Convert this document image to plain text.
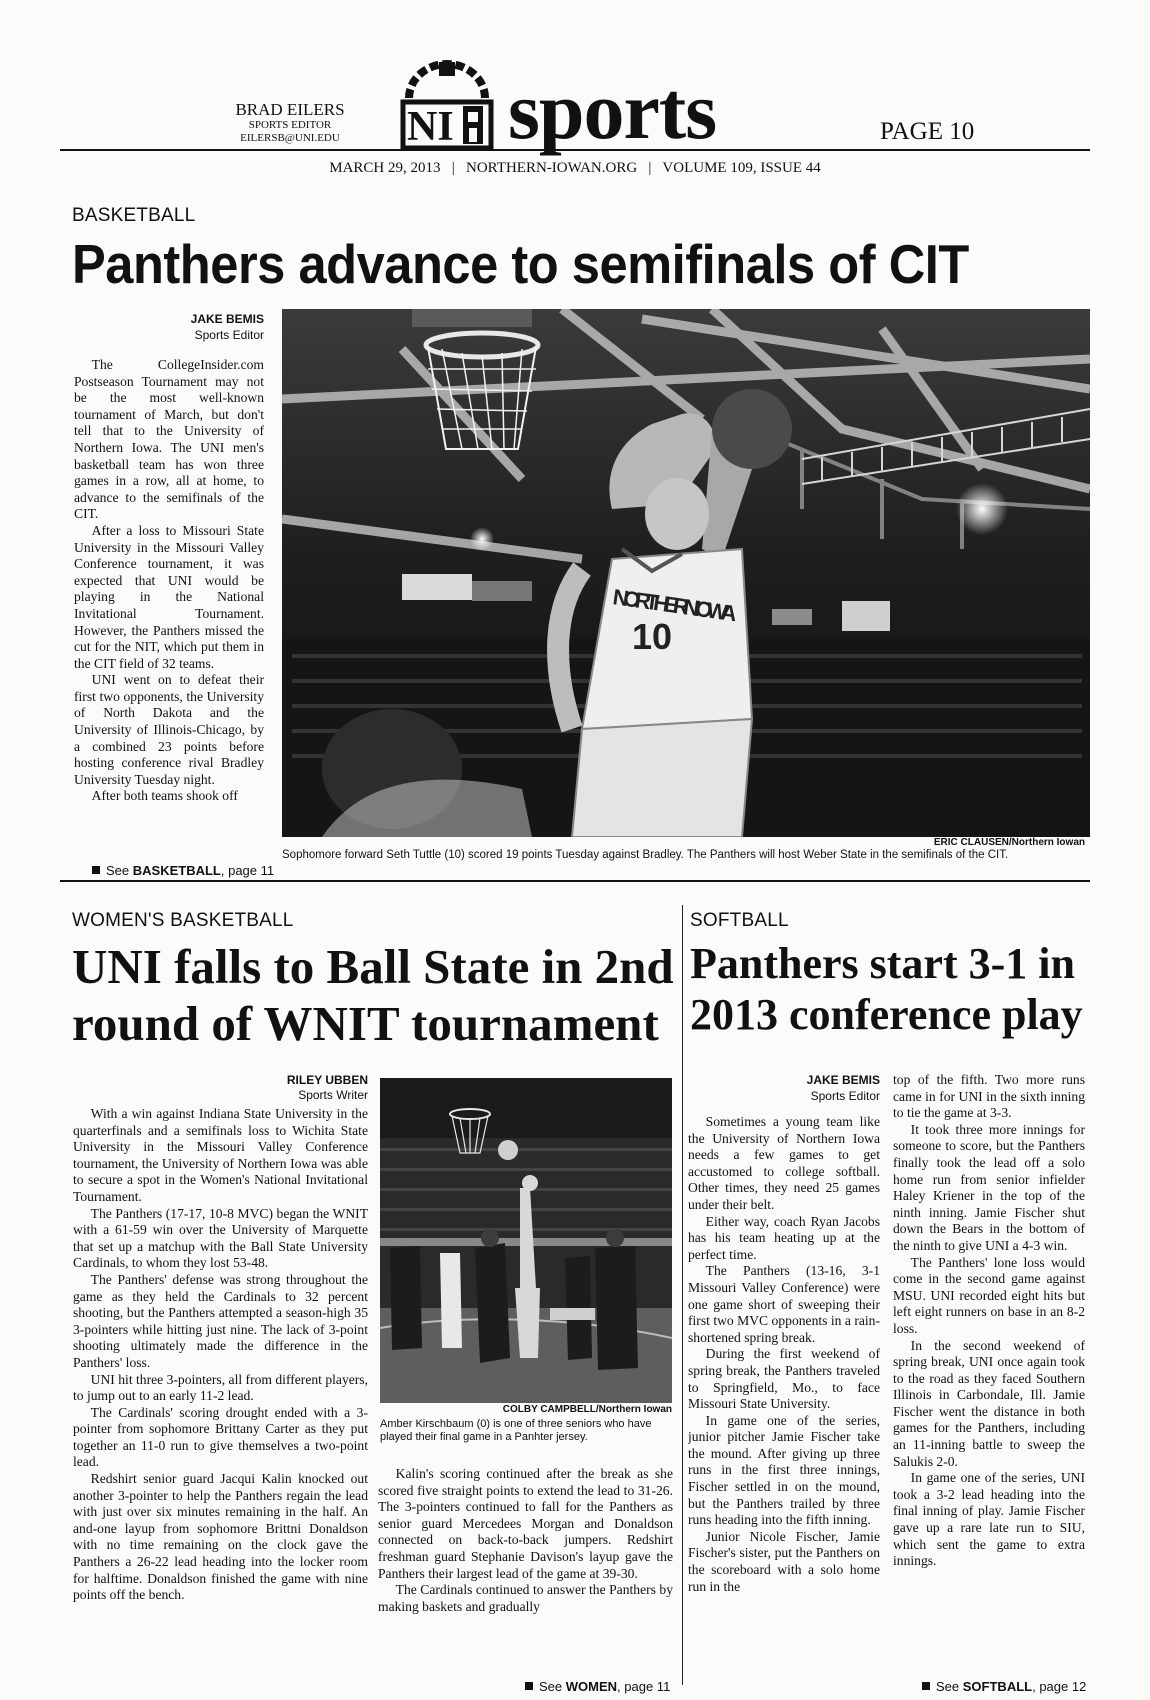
BRAD EILERS
SPORTS EDITOR
EILERSB@UNI.EDU	NI sports	PAGE 10
MARCH 29, 2013   |   NORTHERN-IOWAN.ORG   |   VOLUME 109, ISSUE 44
BASKETBALL
Panthers advance to semifinals of CIT
JAKE BEMIS
Sports Editor

The CollegeInsider.com Postseason Tournament may not be the most well-known tournament of March, but don't tell that to the University of Northern Iowa. The UNI men's basketball team has won three games in a row, all at home, to advance to the semifinals of the CIT.

After a loss to Missouri State University in the Missouri Valley Conference tournament, it was expected that UNI would be playing in the National Invitational Tournament. However, the Panthers missed the cut for the NIT, which put them in the CIT field of 32 teams.

UNI went on to defeat their first two opponents, the University of North Dakota and the University of Illinois-Chicago, by a combined 23 points before hosting conference rival Bradley University Tuesday night.

After both teams shook off

See BASKETBALL, page 11
NORTHERN IOWA
10
ERIC CLAUSEN/Northern Iowan
Sophomore forward Seth Tuttle (10) scored 19 points Tuesday against Bradley. The Panthers will host Weber State in the semifinals of the CIT.
WOMEN'S BASKETBALL
UNI falls to Ball State in 2nd round of WNIT tournament
RILEY UBBEN
Sports Writer

With a win against Indiana State University in the quarterfinals and a semifinals loss to Wichita State University in the Missouri Valley Conference tournament, the University of Northern Iowa was able to secure a spot in the Women's National Invitational Tournament.

The Panthers (17-17, 10-8 MVC) began the WNIT with a 61-59 win over the University of Marquette that set up a matchup with the Ball State University Cardinals, to whom they lost 53-48.

The Panthers' defense was strong throughout the game as they held the Cardinals to 32 percent shooting, but the Panthers attempted a season-high 35 3-pointers while hitting just nine. The lack of 3-point shooting ultimately made the difference in the Panthers' loss.

UNI hit three 3-pointers, all from different players, to jump out to an early 11-2 lead.

The Cardinals' scoring drought ended with a 3-pointer from sophomore Brittany Carter as they put together an 11-0 run to give themselves a two-point lead.

Redshirt senior guard Jacqui Kalin knocked out another 3-pointer to help the Panthers regain the lead with just over six minutes remaining in the half. An and-one layup from sophomore Brittni Donaldson with no time remaining on the clock gave the Panthers a 26-22 lead heading into the locker room for halftime. Donaldson finished the game with nine points off the bench.

COLBY CAMPBELL/Northern Iowan
Amber Kirschbaum (0) is one of three seniors who have played their final game in a Panhter jersey.

Kalin's scoring continued after the break as she scored five straight points to extend the lead to 31-26. The 3-pointers continued to fall for the Panthers as senior guard Mercedees Morgan and Donaldson connected on back-to-back jumpers. Redshirt freshman guard Stephanie Davison's layup gave the Panthers their largest lead of the game at 39-30.

The Cardinals continued to answer the Panthers by making baskets and gradually

See WOMEN, page 11
SOFTBALL
Panthers start 3-1 in 2013 conference play
JAKE BEMIS
Sports Editor

Sometimes a young team like the University of Northern Iowa needs a few games to get accustomed to college softball. Other times, they need 25 games under their belt.

Either way, coach Ryan Jacobs has his team heating up at the perfect time.

The Panthers (13-16, 3-1 Missouri Valley Conference) were one game short of sweeping their first two MVC opponents in a rain-shortened spring break.

During the first weekend of spring break, the Panthers traveled to Springfield, Mo., to face Missouri State University.

In game one of the series, junior pitcher Jamie Fischer take the mound. After giving up three runs in the first three innings, Fischer settled in on the mound, but the Panthers trailed by three runs heading into the fifth inning.

Junior Nicole Fischer, Jamie Fischer's sister, put the Panthers on the scoreboard with a solo home run in the

top of the fifth. Two more runs came in for UNI in the sixth inning to tie the game at 3-3.

It took three more innings for someone to score, but the Panthers finally took the lead off a solo home run from senior infielder Haley Kriener in the top of the ninth inning. Jamie Fischer shut down the Bears in the bottom of the ninth to give UNI a 4-3 win.

The Panthers' lone loss would come in the second game against MSU. UNI recorded eight hits but left eight runners on base in an 8-2 loss.

In the second weekend of spring break, UNI once again took to the road as they faced Southern Illinois in Carbondale, Ill. Jamie Fischer went the distance in both games for the Panthers, including an 11-inning battle to sweep the Salukis 2-0.

In game one of the series, UNI took a 3-2 lead heading into the final inning of play. Jamie Fischer gave up a rare late run to SIU, which sent the game to extra innings.

See SOFTBALL, page 12
